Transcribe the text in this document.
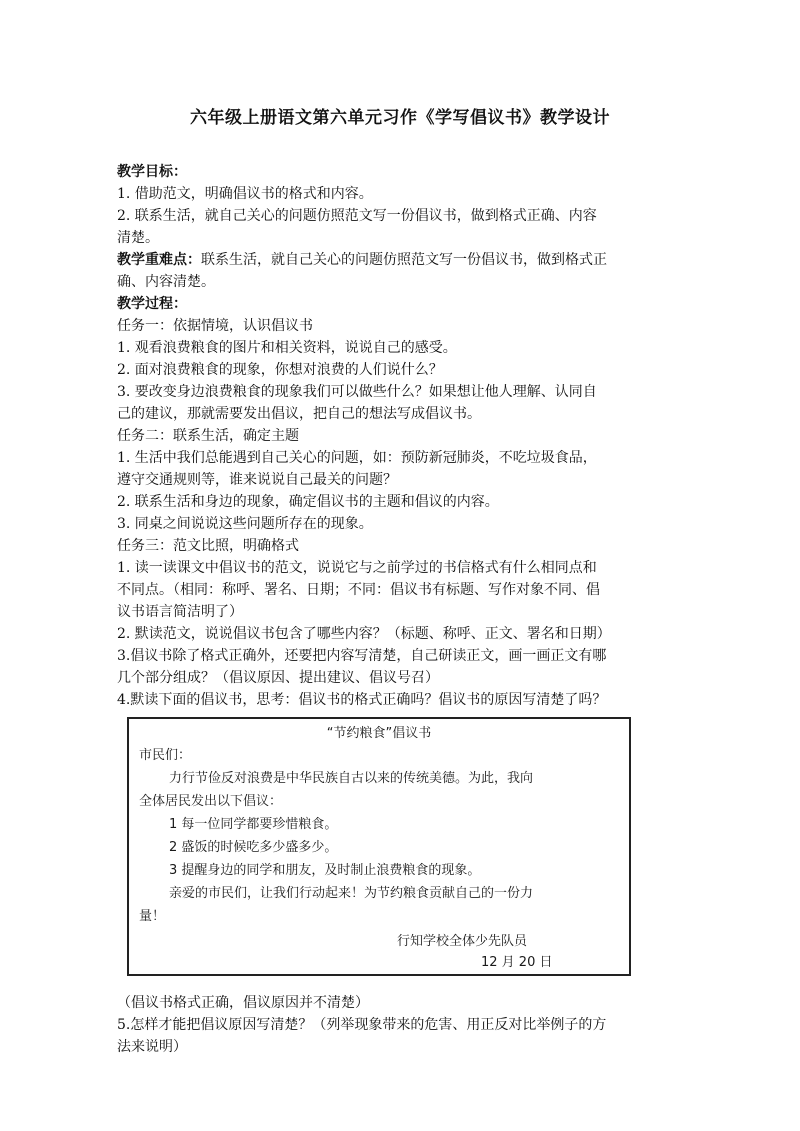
六年级上册语文第六单元习作《学写倡议书》教学设计

教学目标：

1. 借助范文，明确倡议书的格式和内容。

2. 联系生活，就自己关心的问题仿照范文写一份倡议书，做到格式正确、内容

清楚。

教学重难点：联系生活，就自己关心的问题仿照范文写一份倡议书，做到格式正

确、内容清楚。

教学过程：

任务一：依据情境，认识倡议书

1. 观看浪费粮食的图片和相关资料，说说自己的感受。

2. 面对浪费粮食的现象，你想对浪费的人们说什么？

3. 要改变身边浪费粮食的现象我们可以做些什么？如果想让他人理解、认同自

己的建议，那就需要发出倡议，把自己的想法写成倡议书。

任务二：联系生活，确定主题

1. 生活中我们总能遇到自己关心的问题，如：预防新冠肺炎，不吃垃圾食品，

遵守交通规则等，谁来说说自己最关的问题？

2. 联系生活和身边的现象，确定倡议书的主题和倡议的内容。

3. 同桌之间说说这些问题所存在的现象。

任务三：范文比照，明确格式

1. 读一读课文中倡议书的范文，说说它与之前学过的书信格式有什么相同点和

不同点。（相同：称呼、署名、日期；不同：倡议书有标题、写作对象不同、倡

议书语言简洁明了）

2. 默读范文，说说倡议书包含了哪些内容？（标题、称呼、正文、署名和日期）

3.倡议书除了格式正确外，还要把内容写清楚，自己研读正文，画一画正文有哪

几个部分组成？（倡议原因、提出建议、倡议号召）

4.默读下面的倡议书，思考：倡议书的格式正确吗？倡议书的原因写清楚了吗？

“节约粮食”倡议书
市民们：
力行节俭反对浪费是中华民族自古以来的传统美德。为此，我向
全体居民发出以下倡议：
1 每一位同学都要珍惜粮食。
2 盛饭的时候吃多少盛多少。
3 提醒身边的同学和朋友，及时制止浪费粮食的现象。
亲爱的市民们，让我们行动起来！为节约粮食贡献自己的一份力
量！
行知学校全体少先队员
12 月 20 日

（倡议书格式正确，倡议原因并不清楚）

5.怎样才能把倡议原因写清楚？（列举现象带来的危害、用正反对比举例子的方

法来说明）
